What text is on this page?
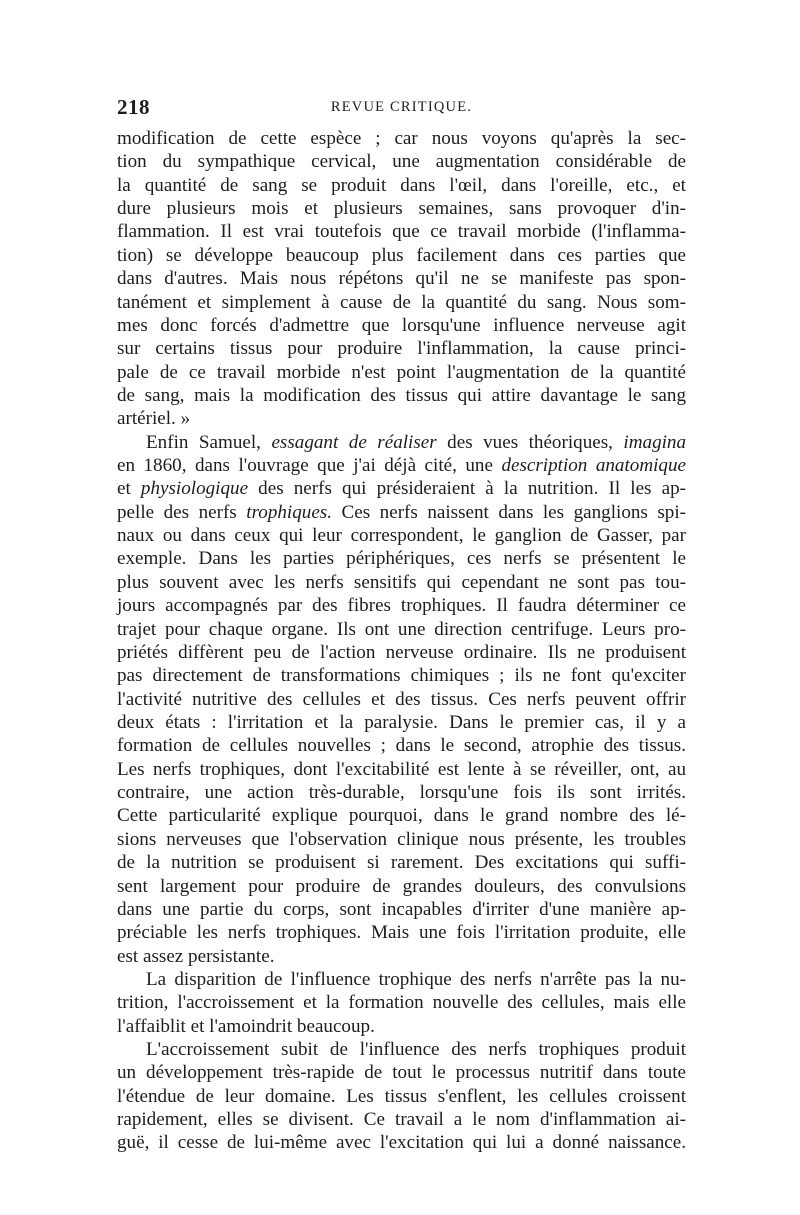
218	REVUE CRITIQUE.
modification de cette espèce ; car nous voyons qu'après la sec-
tion du sympathique cervical, une augmentation considérable de
la quantité de sang se produit dans l'œil, dans l'oreille, etc., et
dure plusieurs mois et plusieurs semaines, sans provoquer d'in-
flammation. Il est vrai toutefois que ce travail morbide (l'inflamma-
tion) se développe beaucoup plus facilement dans ces parties que
dans d'autres. Mais nous répétons qu'il ne se manifeste pas spon-
tanément et simplement à cause de la quantité du sang. Nous som-
mes donc forcés d'admettre que lorsqu'une influence nerveuse agit
sur certains tissus pour produire l'inflammation, la cause princi-
pale de ce travail morbide n'est point l'augmentation de la quantité
de sang, mais la modification des tissus qui attire davantage le sang
artériel. »
Enfin Samuel, essagant de réaliser des vues théoriques, imagina
en 1860, dans l'ouvrage que j'ai déjà cité, une description anatomique
et physiologique des nerfs qui présideraient à la nutrition. Il les ap-
pelle des nerfs trophiques. Ces nerfs naissent dans les ganglions spi-
naux ou dans ceux qui leur correspondent, le ganglion de Gasser, par
exemple. Dans les parties périphériques, ces nerfs se présentent le
plus souvent avec les nerfs sensitifs qui cependant ne sont pas tou-
jours accompagnés par des fibres trophiques. Il faudra déterminer ce
trajet pour chaque organe. Ils ont une direction centrifuge. Leurs pro-
priétés diffèrent peu de l'action nerveuse ordinaire. Ils ne produisent
pas directement de transformations chimiques ; ils ne font qu'exciter
l'activité nutritive des cellules et des tissus. Ces nerfs peuvent offrir
deux états : l'irritation et la paralysie. Dans le premier cas, il y a
formation de cellules nouvelles ; dans le second, atrophie des tissus.
Les nerfs trophiques, dont l'excitabilité est lente à se réveiller, ont, au
contraire, une action très-durable, lorsqu'une fois ils sont irrités.
Cette particularité explique pourquoi, dans le grand nombre des lé-
sions nerveuses que l'observation clinique nous présente, les troubles
de la nutrition se produisent si rarement. Des excitations qui suffi-
sent largement pour produire de grandes douleurs, des convulsions
dans une partie du corps, sont incapables d'irriter d'une manière ap-
préciable les nerfs trophiques. Mais une fois l'irritation produite, elle
est assez persistante.
La disparition de l'influence trophique des nerfs n'arrête pas la nu-
trition, l'accroissement et la formation nouvelle des cellules, mais elle
l'affaiblit et l'amoindrit beaucoup.
L'accroissement subit de l'influence des nerfs trophiques produit
un développement très-rapide de tout le processus nutritif dans toute
l'étendue de leur domaine. Les tissus s'enflent, les cellules croissent
rapidement, elles se divisent. Ce travail a le nom d'inflammation ai-
guë, il cesse de lui-même avec l'excitation qui lui a donné naissance.
